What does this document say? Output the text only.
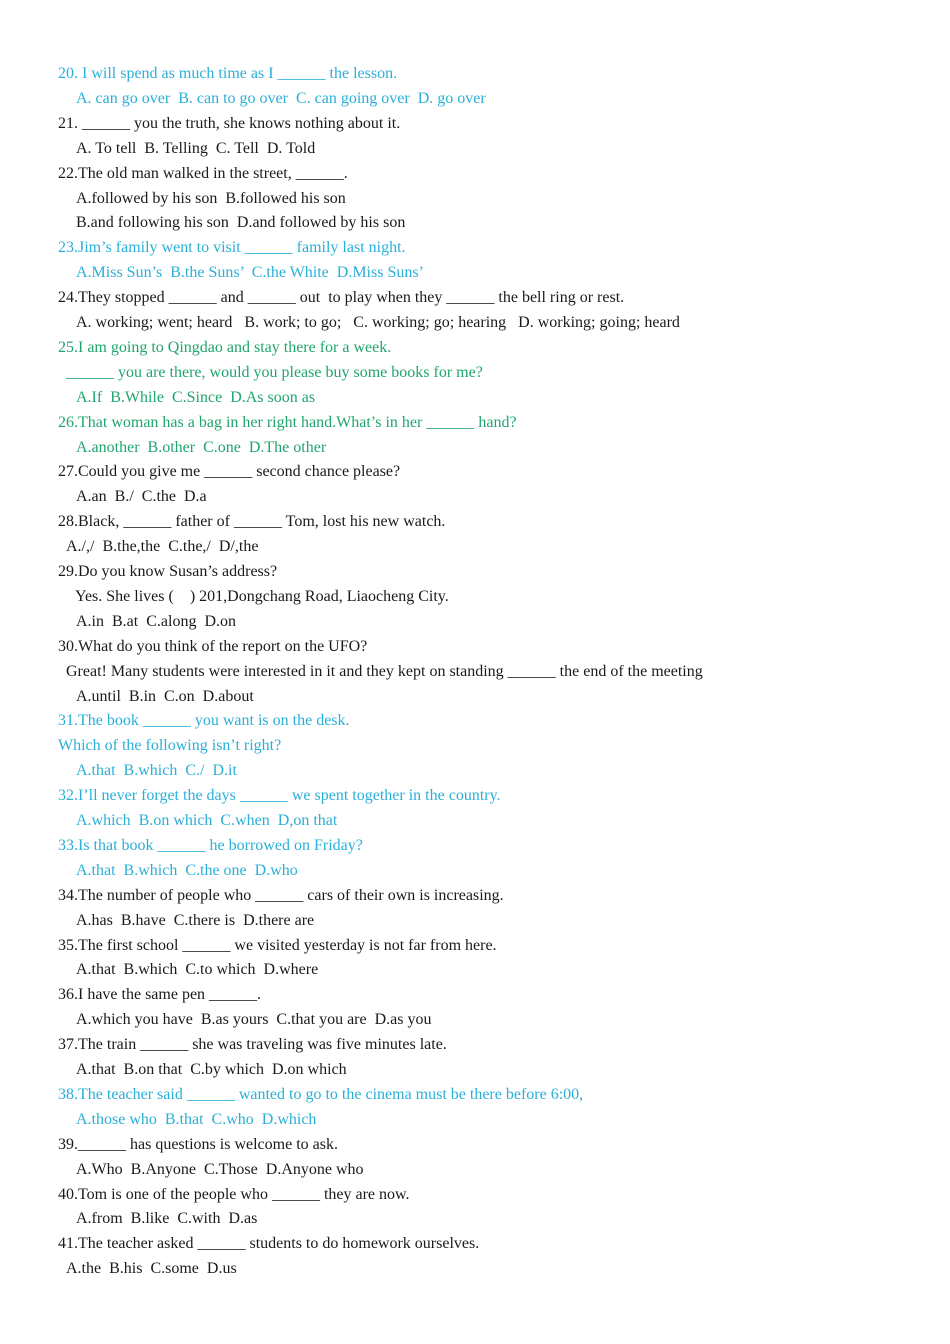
20. I will spend as much time as I ______ the lesson.
A. can go over  B. can to go over  C. can going over  D. go over
21. ______ you the truth, she knows nothing about it.
A. To tell  B. Telling  C. Tell  D. Told
22.The old man walked in the street, ______.
A.followed by his son  B.followed his son
B.and following his son  D.and followed by his son
23.Jim’s family went to visit ______ family last night.
A.Miss Sun’s  B.the Suns’  C.the White  D.Miss Suns’
24.They stopped ______ and ______ out  to play when they ______ the bell ring or rest.
A. working; went; heard   B. work; to go;   C. working; go; hearing   D. working; going; heard
25.I am going to Qingdao and stay there for a week.
______ you are there, would you please buy some books for me?
A.If  B.While  C.Since  D.As soon as
26.That woman has a bag in her right hand.What’s in her ______ hand?
A.another  B.other  C.one  D.The other
27.Could you give me ______ second chance please?
A.an  B./  C.the  D.a
28.Black, ______ father of ______ Tom, lost his new watch.
A./,/  B.the,the  C.the,/  D/,the
29.Do you know Susan’s address?
Yes. She lives (    ) 201,Dongchang Road, Liaocheng City.
A.in  B.at  C.along  D.on
30.What do you think of the report on the UFO?
Great! Many students were interested in it and they kept on standing ______ the end of the meeting
A.until  B.in  C.on  D.about
31.The book ______ you want is on the desk.
Which of the following isn’t right?
A.that  B.which  C./  D.it
32.I’ll never forget the days ______ we spent together in the country.
A.which  B.on which  C.when  D,on that
33.Is that book ______ he borrowed on Friday?
A.that  B.which  C.the one  D.who
34.The number of people who ______ cars of their own is increasing.
A.has  B.have  C.there is  D.there are
35.The first school ______ we visited yesterday is not far from here.
A.that  B.which  C.to which  D.where
36.I have the same pen ______.
A.which you have  B.as yours  C.that you are  D.as you
37.The train ______ she was traveling was five minutes late.
A.that  B.on that  C.by which  D.on which
38.The teacher said ______ wanted to go to the cinema must be there before 6:00,
A.those who  B.that  C.who  D.which
39.______ has questions is welcome to ask.
A.Who  B.Anyone  C.Those  D.Anyone who
40.Tom is one of the people who ______ they are now.
A.from  B.like  C.with  D.as
41.The teacher asked ______ students to do homework ourselves.
A.the  B.his  C.some  D.us
